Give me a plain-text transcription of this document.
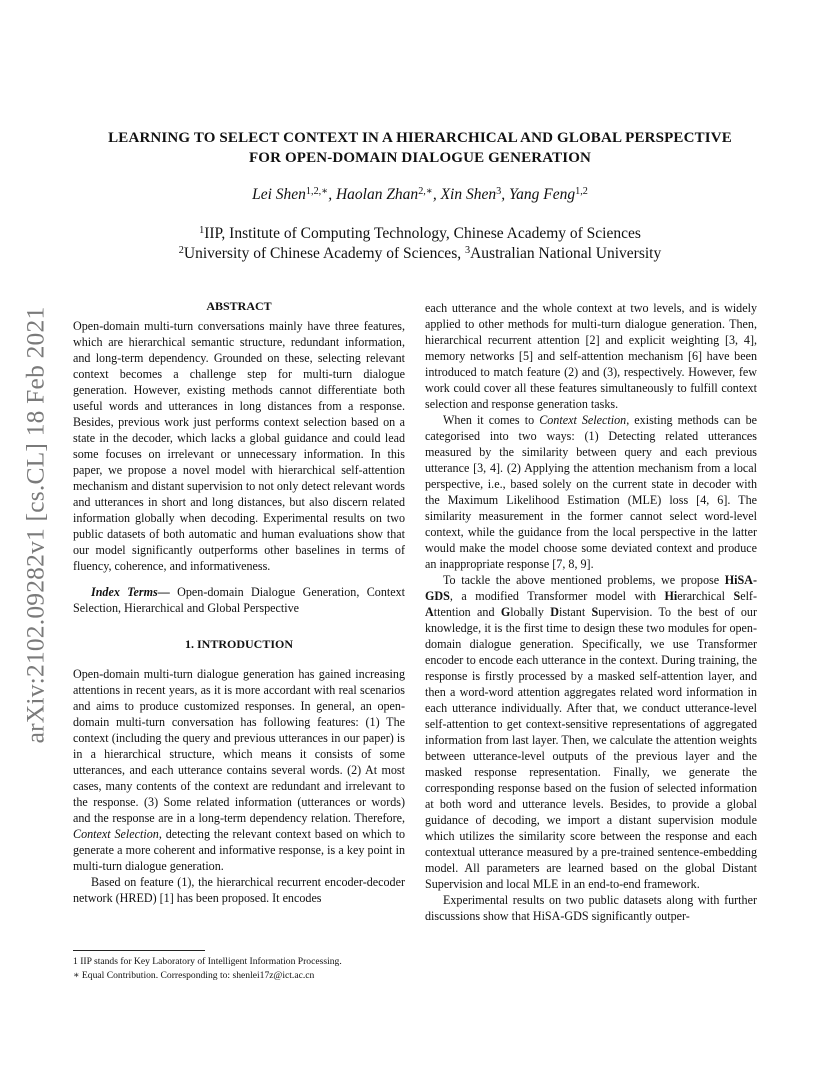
arXiv:2102.09282v1 [cs.CL] 18 Feb 2021
LEARNING TO SELECT CONTEXT IN A HIERARCHICAL AND GLOBAL PERSPECTIVE
FOR OPEN-DOMAIN DIALOGUE GENERATION
Lei Shen$^{1,2,∗}$, Haolan Zhan$^{2,∗}$, Xin Shen$^3$, Yang Feng$^{1,2}$
$^1$IIP, Institute of Computing Technology, Chinese Academy of Sciences
$^2$University of Chinese Academy of Sciences, $^3$Australian National University
ABSTRACT

Open-domain multi-turn conversations mainly have three features, which are hierarchical semantic structure, redundant information, and long-term dependency. Grounded on these, selecting relevant context becomes a challenge step for multi-turn dialogue generation. However, existing methods cannot differentiate both useful words and utterances in long distances from a response. Besides, previous work just performs context selection based on a state in the decoder, which lacks a global guidance and could lead some focuses on irrelevant or unnecessary information. In this paper, we propose a novel model with hierarchical self-attention mechanism and distant supervision to not only detect relevant words and utterances in short and long distances, but also discern related information globally when decoding. Experimental results on two public datasets of both automatic and human evaluations show that our model significantly outperforms other baselines in terms of fluency, coherence, and informativeness.

Index Terms— Open-domain Dialogue Generation, Context Selection, Hierarchical and Global Perspective

1. INTRODUCTION

Open-domain multi-turn dialogue generation has gained increasing attentions in recent years, as it is more accordant with real scenarios and aims to produce customized responses. In general, an open-domain multi-turn conversation has following features: (1) The context (including the query and previous utterances in our paper) is in a hierarchical structure, which means it consists of some utterances, and each utterance contains several words. (2) At most cases, many contents of the context are redundant and irrelevant to the response. (3) Some related information (utterances or words) and the response are in a long-term dependency relation. Therefore, Context Selection, detecting the relevant context based on which to generate a more coherent and informative response, is a key point in multi-turn dialogue generation.

Based on feature (1), the hierarchical recurrent encoder-decoder network (HRED) [1] has been proposed. It encodes

each utterance and the whole context at two levels, and is widely applied to other methods for multi-turn dialogue generation. Then, hierarchical recurrent attention [2] and explicit weighting [3, 4], memory networks [5] and self-attention mechanism [6] have been introduced to match feature (2) and (3), respectively. However, few work could cover all these features simultaneously to fulfill context selection and response generation tasks.

When it comes to Context Selection, existing methods can be categorised into two ways: (1) Detecting related utterances measured by the similarity between query and each previous utterance [3, 4]. (2) Applying the attention mechanism from a local perspective, i.e., based solely on the current state in decoder with the Maximum Likelihood Estimation (MLE) loss [4, 6]. The similarity measurement in the former cannot select word-level context, while the guidance from the local perspective in the latter would make the model choose some deviated context and produce an inappropriate response [7, 8, 9].

To tackle the above mentioned problems, we propose HiSA-GDS, a modified Transformer model with Hierarchical Self-Attention and Globally Distant Supervision. To the best of our knowledge, it is the first time to design these two modules for open-domain dialogue generation. Specifically, we use Transformer encoder to encode each utterance in the context. During training, the response is firstly processed by a masked self-attention layer, and then a word-word attention aggregates related word information in each utterance individually. After that, we conduct utterance-level self-attention to get context-sensitive representations of aggregated information from last layer. Then, we calculate the attention weights between utterance-level outputs of the previous layer and the masked response representation. Finally, we generate the corresponding response based on the fusion of selected information at both word and utterance levels. Besides, to provide a global guidance of decoding, we import a distant supervision module which utilizes the similarity score between the response and each contextual utterance measured by a pre-trained sentence-embedding model. All parameters are learned based on the global Distant Supervision and local MLE in an end-to-end framework.

Experimental results on two public datasets along with further discussions show that HiSA-GDS significantly outper-

1 IIP stands for Key Laboratory of Intelligent Information Processing.
∗ Equal Contribution. Corresponding to: shenlei17z@ict.ac.cn
